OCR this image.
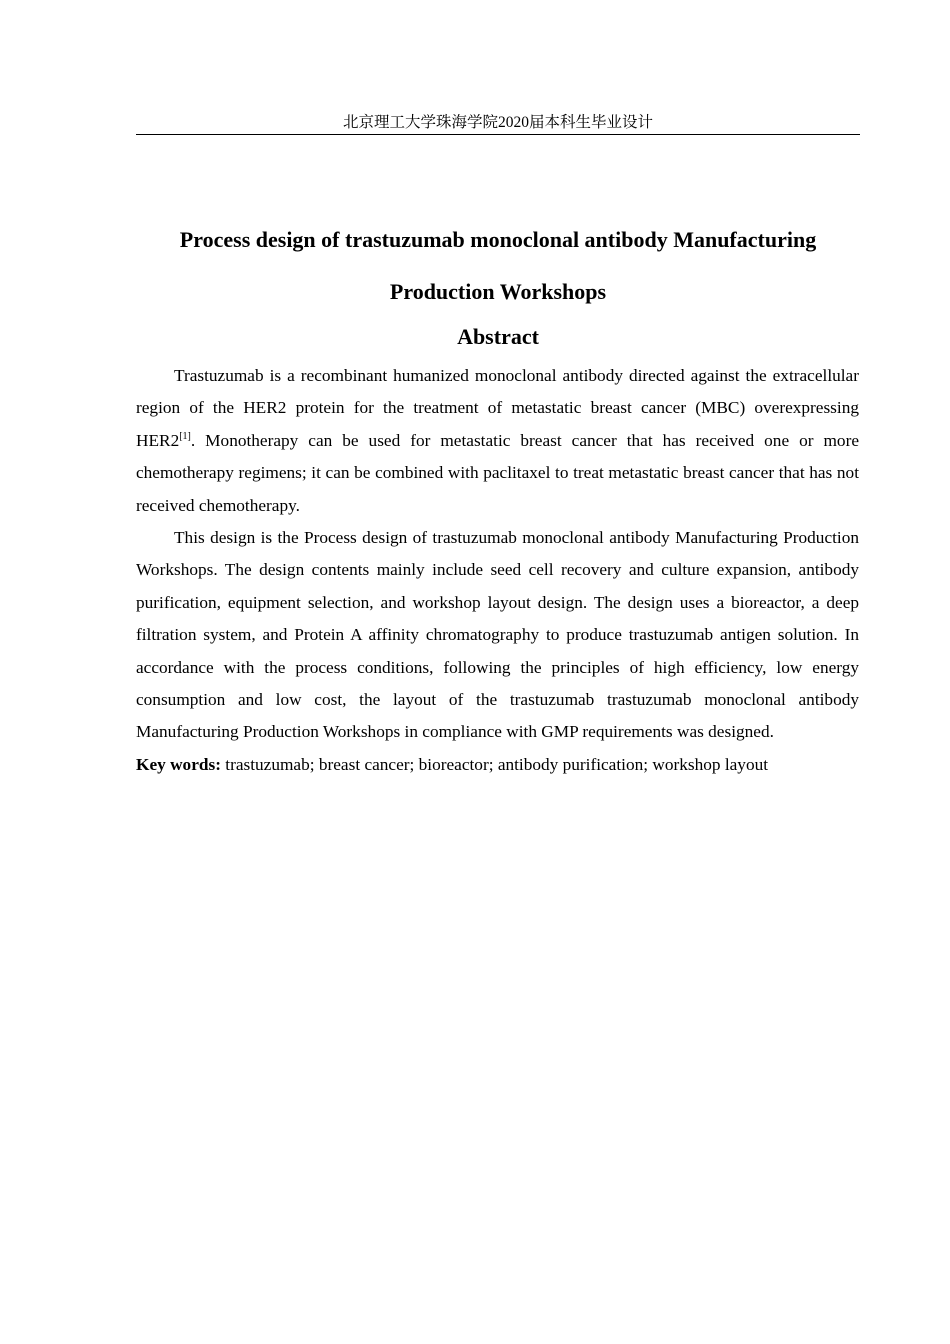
北京理工大学珠海学院2020届本科生毕业设计
Process design of trastuzumab monoclonal antibody Manufacturing
Production Workshops
Abstract

Trastuzumab is a recombinant humanized monoclonal antibody directed against the extracellular region of the HER2 protein for the treatment of metastatic breast cancer (MBC) overexpressing HER2[1]. Monotherapy can be used for metastatic breast cancer that has received one or more chemotherapy regimens; it can be combined with paclitaxel to treat metastatic breast cancer that has not received chemotherapy.

This design is the Process design of trastuzumab monoclonal antibody Manufacturing Production Workshops. The design contents mainly include seed cell recovery and culture expansion, antibody purification, equipment selection, and workshop layout design. The design uses a bioreactor, a deep filtration system, and Protein A affinity chromatography to produce trastuzumab antigen solution. In accordance with the process conditions, following the principles of high efficiency, low energy consumption and low cost, the layout of the trastuzumab trastuzumab monoclonal antibody Manufacturing Production Workshops in compliance with GMP requirements was designed.

Key words: trastuzumab; breast cancer; bioreactor; antibody purification; workshop layout
